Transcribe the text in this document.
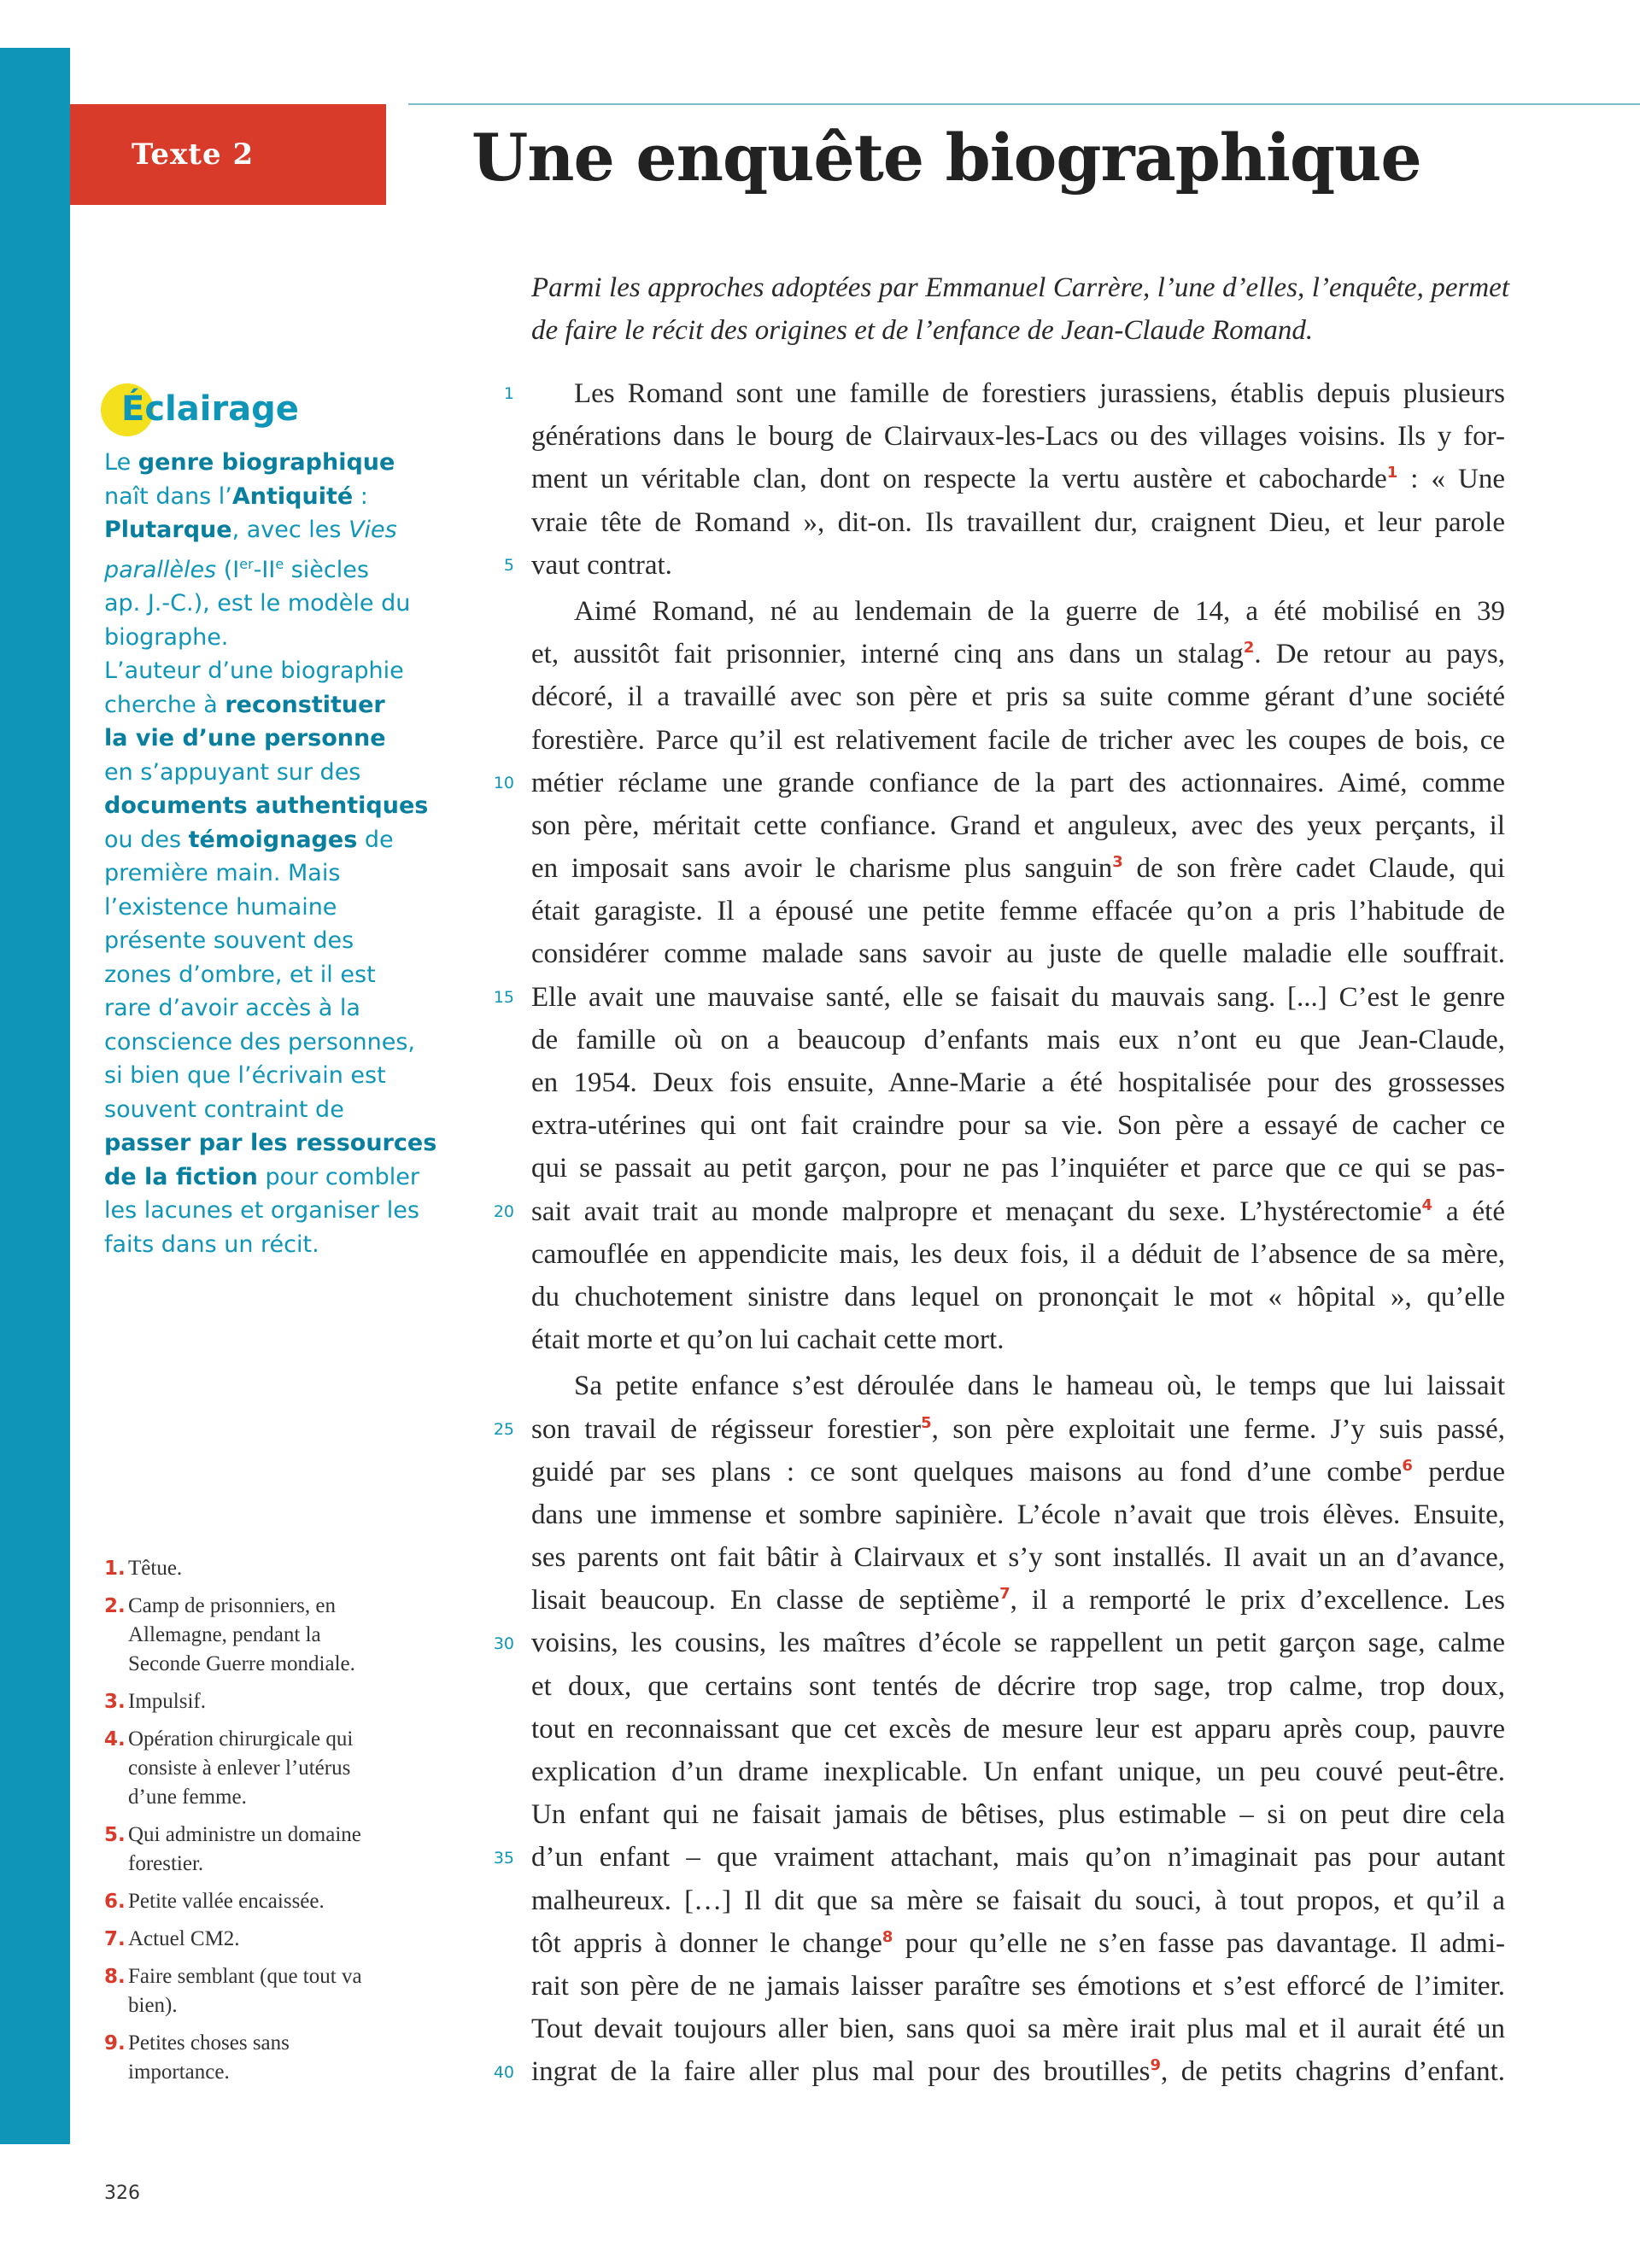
Texte 2	Une enquête biographique

Parmi les approches adoptées par Emmanuel Carrère, l’une d’elles, l’enquête, permet
de faire le récit des origines et de l’enfance de Jean-Claude Romand.

1
5
10
15
20
25
30
35
40
Les Romand sont une famille de forestiers jurassiens, établis depuis plusieurs
générations dans le bourg de Clairvaux-les-Lacs ou des villages voisins. Ils y for-
ment un véritable clan, dont on respecte la vertu austère et cabocharde$^1$ : « Une
vraie tête de Romand », dit-on. Ils travaillent dur, craignent Dieu, et leur parole
vaut contrat.
Aimé Romand, né au lendemain de la guerre de 14, a été mobilisé en 39
et, aussitôt fait prisonnier, interné cinq ans dans un stalag$^2$. De retour au pays,
décoré, il a travaillé avec son père et pris sa suite comme gérant d’une société
forestière. Parce qu’il est relativement facile de tricher avec les coupes de bois, ce
métier réclame une grande confiance de la part des actionnaires. Aimé, comme
son père, méritait cette confiance. Grand et anguleux, avec des yeux perçants, il
en imposait sans avoir le charisme plus sanguin$^3$ de son frère cadet Claude, qui
était garagiste. Il a épousé une petite femme effacée qu’on a pris l’habitude de
considérer comme malade sans savoir au juste de quelle maladie elle souffrait.
Elle avait une mauvaise santé, elle se faisait du mauvais sang. [...] C’est le genre
de famille où on a beaucoup d’enfants mais eux n’ont eu que Jean-Claude,
en 1954. Deux fois ensuite, Anne-Marie a été hospitalisée pour des grossesses
extra-utérines qui ont fait craindre pour sa vie. Son père a essayé de cacher ce
qui se passait au petit garçon, pour ne pas l’inquiéter et parce que ce qui se pas-
sait avait trait au monde malpropre et menaçant du sexe. L’hystérectomie$^4$ a été
camouflée en appendicite mais, les deux fois, il a déduit de l’absence de sa mère,
du chuchotement sinistre dans lequel on prononçait le mot « hôpital », qu’elle
était morte et qu’on lui cachait cette mort.
Sa petite enfance s’est déroulée dans le hameau où, le temps que lui laissait
son travail de régisseur forestier$^5$, son père exploitait une ferme. J’y suis passé,
guidé par ses plans : ce sont quelques maisons au fond d’une combe$^6$ perdue
dans une immense et sombre sapinière. L’école n’avait que trois élèves. Ensuite,
ses parents ont fait bâtir à Clairvaux et s’y sont installés. Il avait un an d’avance,
lisait beaucoup. En classe de septième$^7$, il a remporté le prix d’excellence. Les
voisins, les cousins, les maîtres d’école se rappellent un petit garçon sage, calme
et doux, que certains sont tentés de décrire trop sage, trop calme, trop doux,
tout en reconnaissant que cet excès de mesure leur est apparu après coup, pauvre
explication d’un drame inexplicable. Un enfant unique, un peu couvé peut-être.
Un enfant qui ne faisait jamais de bêtises, plus estimable – si on peut dire cela
d’un enfant – que vraiment attachant, mais qu’on n’imaginait pas pour autant
malheureux. […] Il dit que sa mère se faisait du souci, à tout propos, et qu’il a
tôt appris à donner le change$^8$ pour qu’elle ne s’en fasse pas davantage. Il admi-
rait son père de ne jamais laisser paraître ses émotions et s’est efforcé de l’imiter.
Tout devait toujours aller bien, sans quoi sa mère irait plus mal et il aurait été un
ingrat de la faire aller plus mal pour des broutilles$^9$, de petits chagrins d’enfant.
Éclairage
Le genre biographique
naît dans l’Antiquité :
Plutarque, avec les Vies
parallèles (Ier-IIe siècles
ap. J.-C.), est le modèle du
biographe.
L’auteur d’une biographie
cherche à reconstituer
la vie d’une personne
en s’appuyant sur des
documents authentiques
ou des témoignages de
première main. Mais
l’existence humaine
présente souvent des
zones d’ombre, et il est
rare d’avoir accès à la
conscience des personnes,
si bien que l’écrivain est
souvent contraint de
passer par les ressources
de la fiction pour combler
les lacunes et organiser les
faits dans un récit.
1. Têtue.
2. Camp de prisonniers, en
Allemagne, pendant la
Seconde Guerre mondiale.
3. Impulsif.
4. Opération chirurgicale qui
consiste à enlever l’utérus
d’une femme.
5. Qui administre un domaine
forestier.
6. Petite vallée encaissée.
7. Actuel CM2.
8. Faire semblant (que tout va
bien).
9. Petites choses sans
importance.
326
